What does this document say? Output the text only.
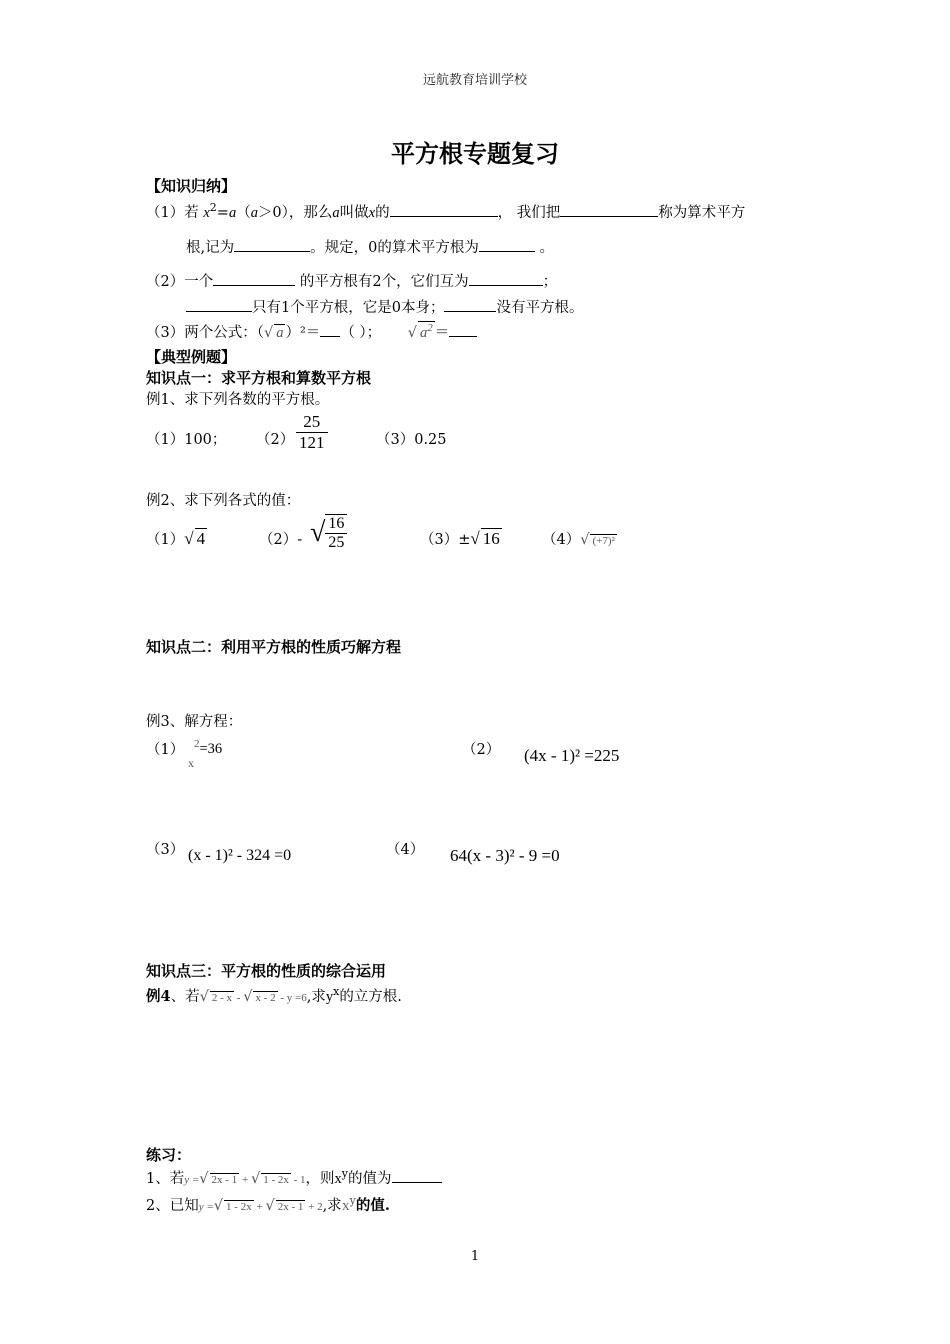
远航教育培训学校
平方根专题复习
【知识归纳】
（1）若 $x^2=a(a>0)$，那么a叫做x的	， 我们把	称为算术平方
根,记为	。规定，0的算术平方根为	。
（2）一个	的平方根有2个，它们互为	；
只有1个平方根，它是0本身；	没有平方根。
（3）两个公式：（√ a ）²＝ （ ）； √ $a^2$ ＝
【典型例题】
知识点一：求平方根和算数平方根
例1、求下列各数的平方根。
（1）100； $(2) \frac{25}{121}$	（3）0.25
例2、求下列各式的值：
（1）√ 4	（2）- √ $\frac{16}{25}$	（3）±√ 16	（4）√ (+7)²
知识点二：利用平方根的性质巧解方程
例3、解方程：
（1）
$_x^2$=36	（2） (4x - 1)² =225
（3） (x - 1)² - 324 =0	（4） 64(x - 3)² - 9 =0
知识点三：平方根的性质的综合运用
例4、若√ 2 - x - √ x - 2 - y =6,求$y^x$的立方根.
练习：
1、若y =√ 2x - 1 + √ 1 - 2x - 1，则$x^y$的值为
2、已知y =√ 1 - 2x + √ 2x - 1 + 2,求$X^y$的值.
1
